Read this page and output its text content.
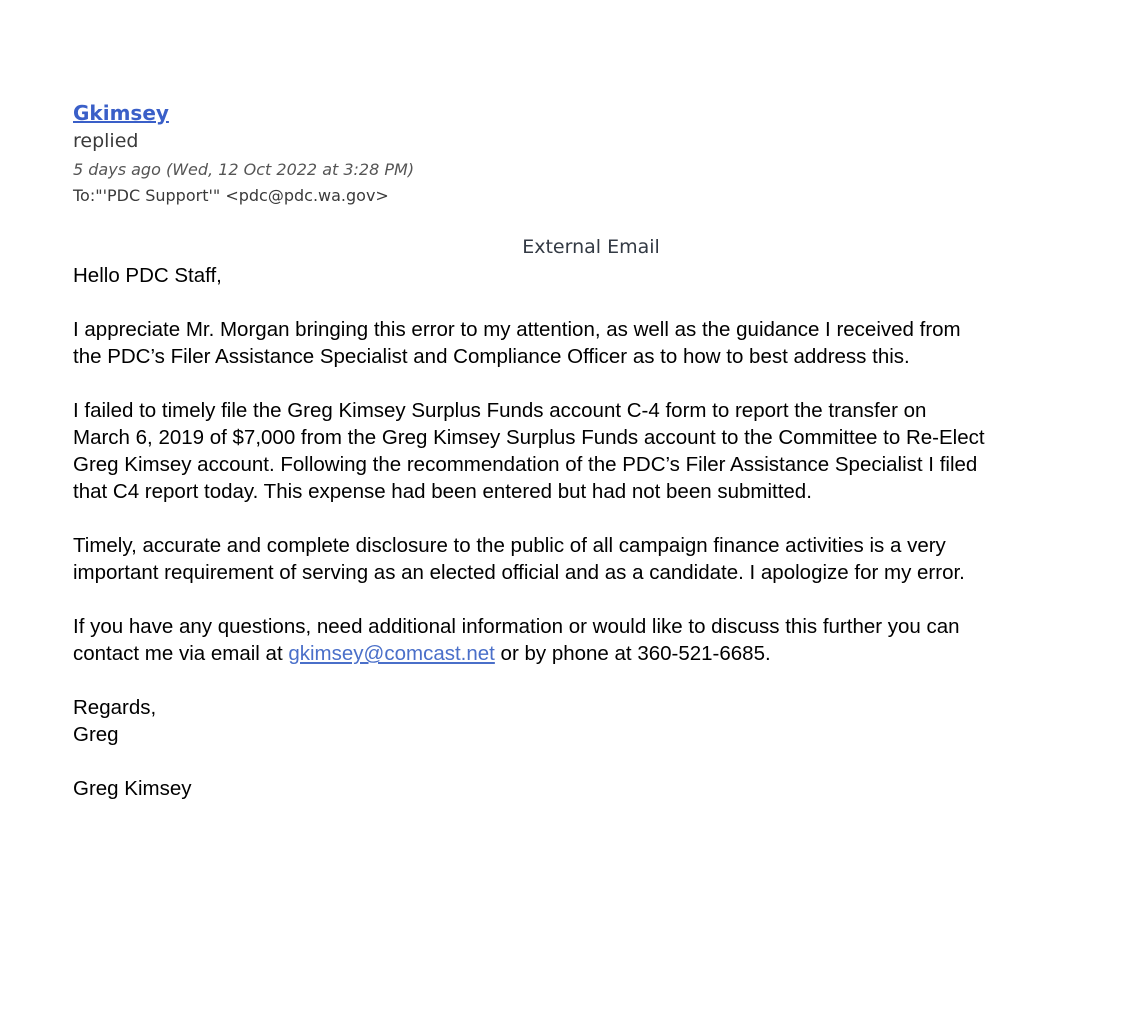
Gkimsey
replied
5 days ago (Wed, 12 Oct 2022 at 3:28 PM)
To:"'PDC Support'" <pdc@pdc.wa.gov>
External Email
Hello PDC Staff,
I appreciate Mr. Morgan bringing this error to my attention, as well as the guidance I received from
the PDC’s Filer Assistance Specialist and Compliance Officer as to how to best address this.
I failed to timely file the Greg Kimsey Surplus Funds account C-4 form to report the transfer on
March 6, 2019 of $7,000 from the Greg Kimsey Surplus Funds account to the Committee to Re-Elect
Greg Kimsey account. Following the recommendation of the PDC’s Filer Assistance Specialist I filed
that C4 report today. This expense had been entered but had not been submitted.
Timely, accurate and complete disclosure to the public of all campaign finance activities is a very
important requirement of serving as an elected official and as a candidate. I apologize for my error.
If you have any questions, need additional information or would like to discuss this further you can
contact me via email at gkimsey@comcast.net or by phone at 360-521-6685.
Regards,
Greg
Greg Kimsey
